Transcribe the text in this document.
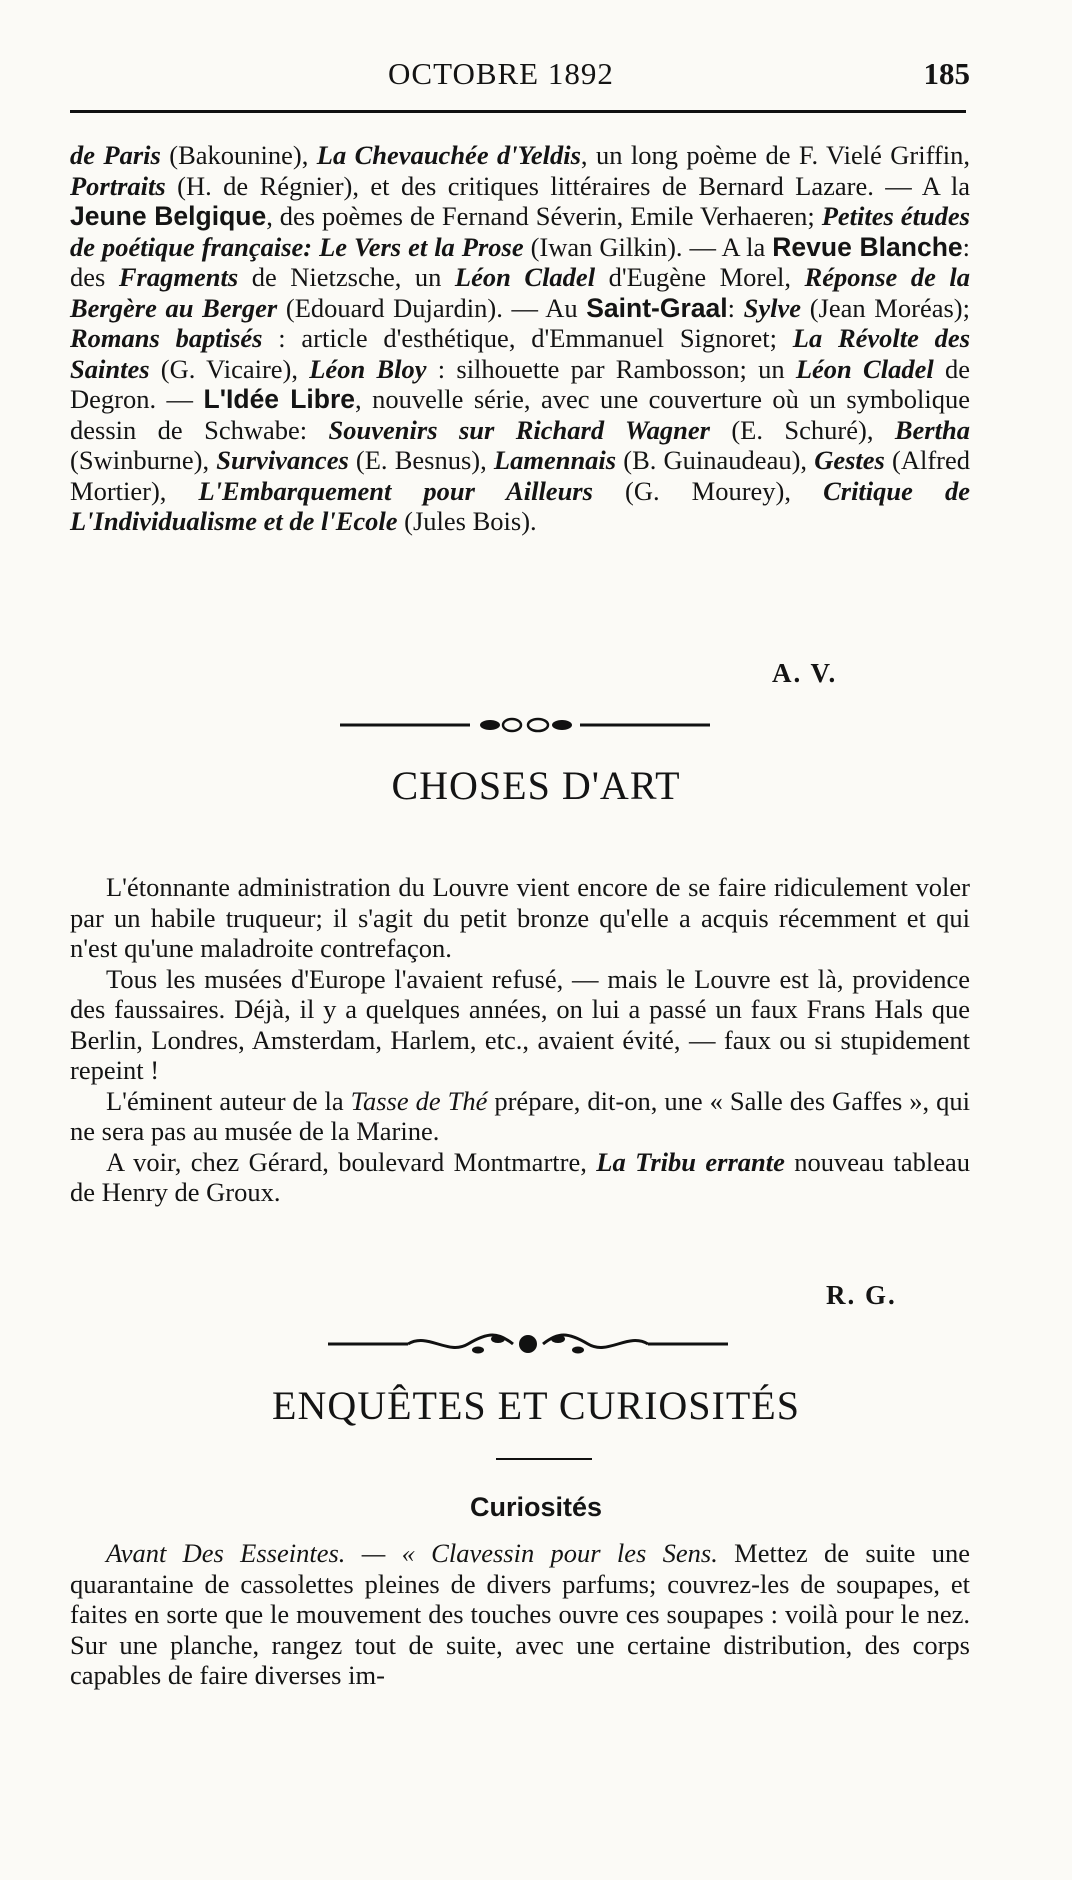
OCTOBRE 1892	185

de Paris (Bakounine), La Chevauchée d'Yeldis, un long poème de F. Vielé Griffin, Portraits (H. de Régnier), et des critiques littéraires de Bernard Lazare. — A la Jeune Belgique, des poèmes de Fernand Séverin, Emile Verhaeren; Petites études de poétique française: Le Vers et la Prose (Iwan Gilkin). — A la Revue Blanche: des Fragments de Nietzsche, un Léon Cladel d'Eugène Morel, Réponse de la Bergère au Berger (Edouard Dujardin). — Au Saint-Graal: Sylve (Jean Moréas); Romans baptisés : article d'esthétique, d'Emmanuel Signoret; La Révolte des Saintes (G. Vicaire), Léon Bloy : silhouette par Rambosson; un Léon Cladel de Degron. — L'Idée Libre, nouvelle série, avec une couverture où un symbolique dessin de Schwabe: Souvenirs sur Richard Wagner (E. Schuré), Bertha (Swinburne), Survivances (E. Besnus), Lamennais (B. Guinaudeau), Gestes (Alfred Mortier), L'Embarquement pour Ailleurs (G. Mourey), Critique de L'Individualisme et de l'Ecole (Jules Bois).

A. V.
CHOSES D'ART

L'étonnante administration du Louvre vient encore de se faire ridiculement voler par un habile truqueur; il s'agit du petit bronze qu'elle a acquis récemment et qui n'est qu'une maladroite contrefaçon.

Tous les musées d'Europe l'avaient refusé, — mais le Louvre est là, providence des faussaires. Déjà, il y a quelques années, on lui a passé un faux Frans Hals que Berlin, Londres, Amsterdam, Harlem, etc., avaient évité, — faux ou si stupidement repeint !

L'éminent auteur de la Tasse de Thé prépare, dit-on, une « Salle des Gaffes », qui ne sera pas au musée de la Marine.

A voir, chez Gérard, boulevard Montmartre, La Tribu errante nouveau tableau de Henry de Groux.

R. G.
ENQUÊTES ET CURIOSITÉS
Curiosités

Avant Des Esseintes. — « Clavessin pour les Sens. Mettez de suite une quarantaine de cassolettes pleines de divers parfums; couvrez-les de soupapes, et faites en sorte que le mouvement des touches ouvre ces soupapes : voilà pour le nez. Sur une planche, rangez tout de suite, avec une certaine distribution, des corps capables de faire diverses im-
